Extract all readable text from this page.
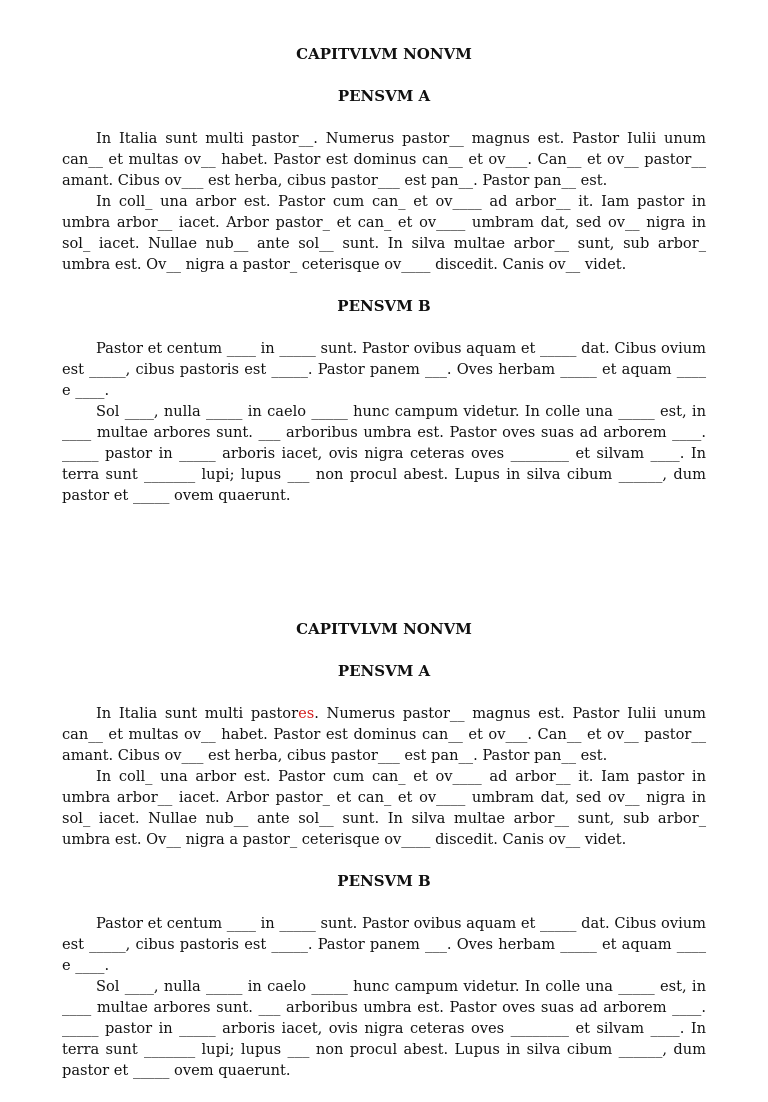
CAPITVLVM NONVM
PENSVM A

In Italia sunt multi pastor__. Numerus pastor__ magnus est. Pastor Iulii unum can__ et multas ov__ habet. Pastor est dominus can__ et ov___. Can__ et ov__ pastor__ amant. Cibus ov___ est herba, cibus pastor___ est pan__. Pastor pan__ est.

In coll_ una arbor est. Pastor cum can_ et ov____ ad arbor__ it. Iam pastor in umbra arbor__ iacet. Arbor pastor_ et can_ et ov____ umbram dat, sed ov__ nigra in sol_ iacet. Nullae nub__ ante sol__ sunt. In silva multae arbor__ sunt, sub arbor_ umbra est. Ov__ nigra a pastor_ ceterisque ov____ discedit. Canis ov__ videt.

PENSVM B

Pastor et centum ____ in _____ sunt. Pastor ovibus aquam et _____ dat. Cibus ovium est _____, cibus pastoris est _____. Pastor panem ___. Oves herbam _____ et aquam ____ e ____.

Sol ____, nulla _____ in caelo _____ hunc campum videtur. In colle una _____ est, in ____ multae arbores sunt. ___ arboribus umbra est. Pastor oves suas ad arborem ____. _____ pastor in _____ arboris iacet, ovis nigra ceteras oves ________ et silvam ____. In terra sunt _______ lupi; lupus ___ non procul abest. Lupus in silva cibum ______, dum pastor et _____ ovem quaerunt.

CAPITVLVM NONVM
PENSVM A

In Italia sunt multi pastores. Numerus pastor__ magnus est. Pastor Iulii unum can__ et multas ov__ habet. Pastor est dominus can__ et ov___. Can__ et ov__ pastor__ amant. Cibus ov___ est herba, cibus pastor___ est pan__. Pastor pan__ est.

In coll_ una arbor est. Pastor cum can_ et ov____ ad arbor__ it. Iam pastor in umbra arbor__ iacet. Arbor pastor_ et can_ et ov____ umbram dat, sed ov__ nigra in sol_ iacet. Nullae nub__ ante sol__ sunt. In silva multae arbor__ sunt, sub arbor_ umbra est. Ov__ nigra a pastor_ ceterisque ov____ discedit. Canis ov__ videt.

PENSVM B

Pastor et centum ____ in _____ sunt. Pastor ovibus aquam et _____ dat. Cibus ovium est _____, cibus pastoris est _____. Pastor panem ___. Oves herbam _____ et aquam ____ e ____.

Sol ____, nulla _____ in caelo _____ hunc campum videtur. In colle una _____ est, in ____ multae arbores sunt. ___ arboribus umbra est. Pastor oves suas ad arborem ____. _____ pastor in _____ arboris iacet, ovis nigra ceteras oves ________ et silvam ____. In terra sunt _______ lupi; lupus ___ non procul abest. Lupus in silva cibum ______, dum pastor et _____ ovem quaerunt.
